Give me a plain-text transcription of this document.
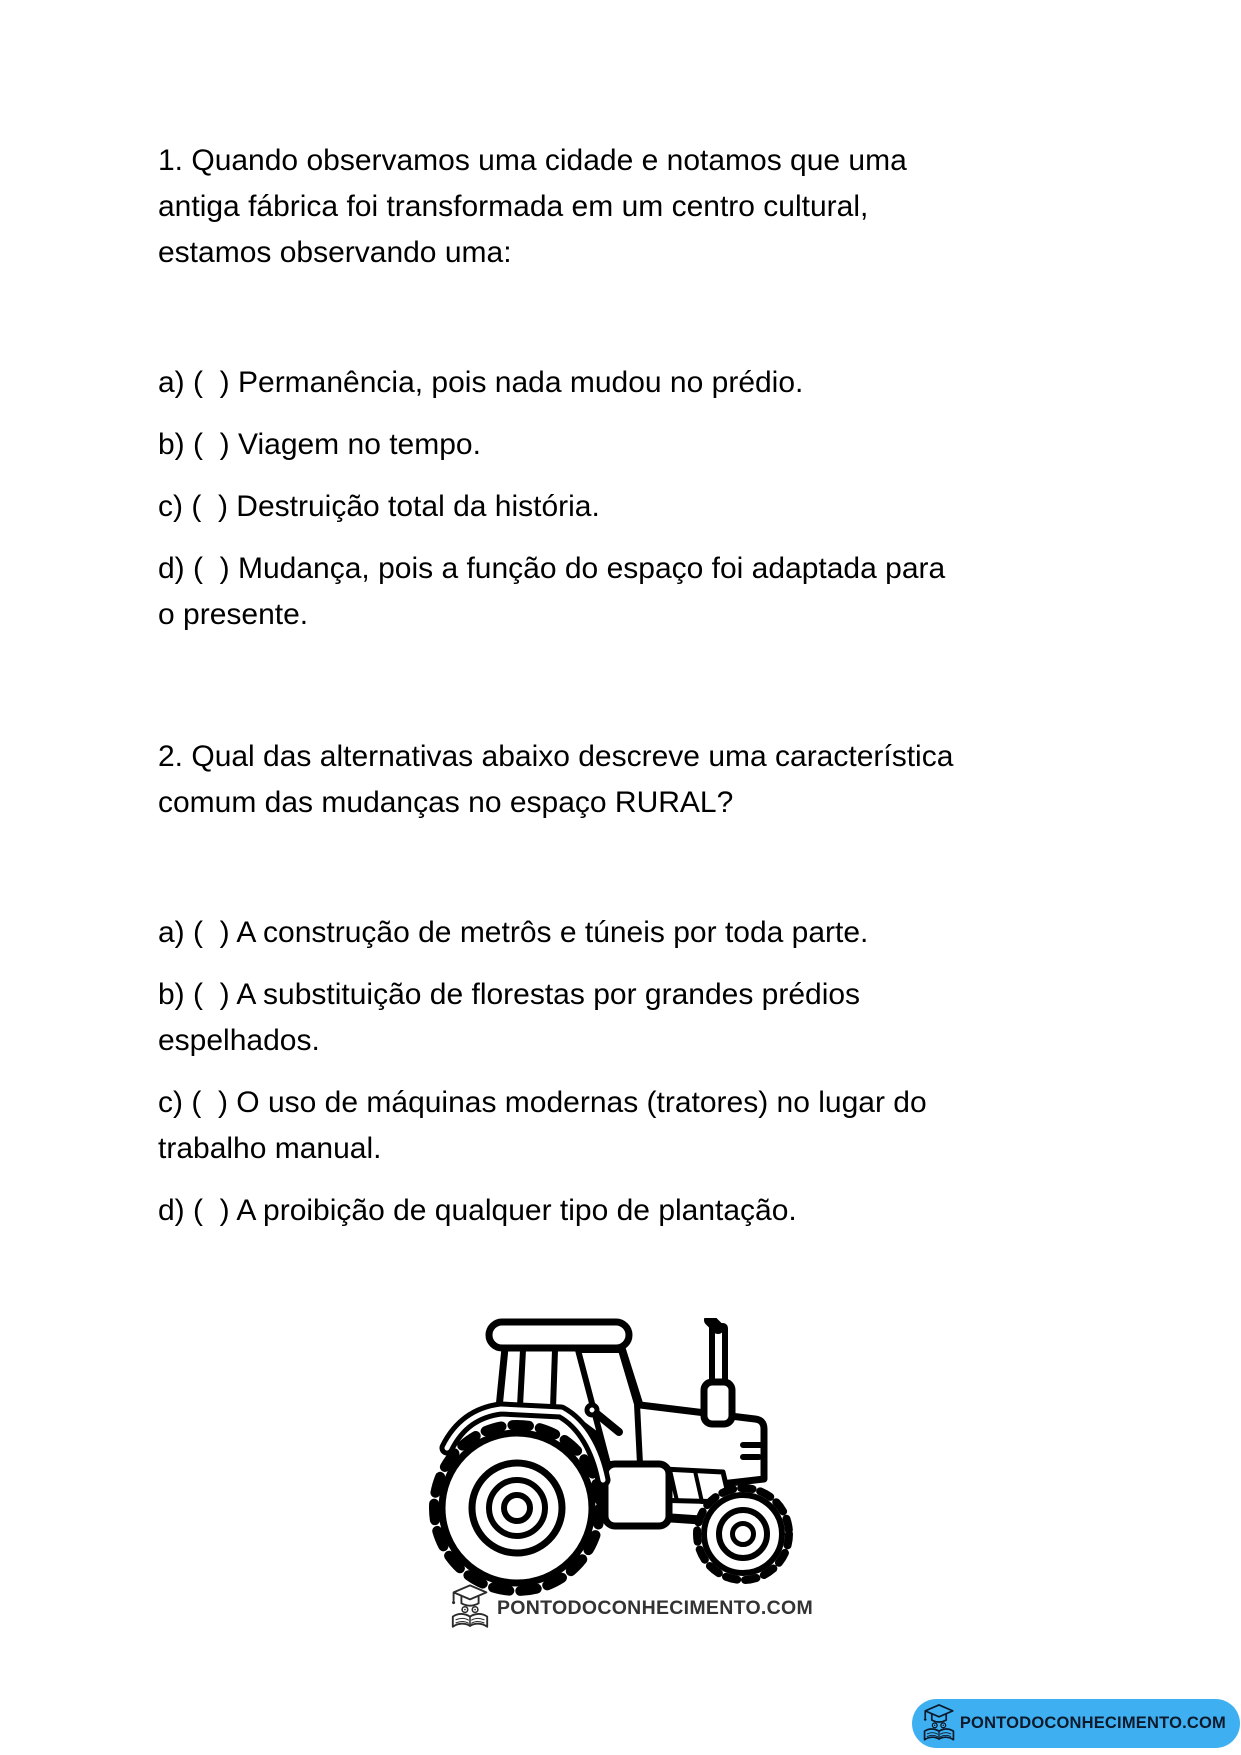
1. Quando observamos uma cidade e notamos que uma
antiga fábrica foi transformada em um centro cultural,
estamos observando uma:

a) (  ) Permanência, pois nada mudou no prédio.

b) (  ) Viagem no tempo.

c) (  ) Destruição total da história.

d) (  ) Mudança, pois a função do espaço foi adaptada para
o presente.

2. Qual das alternativas abaixo descreve uma característica
comum das mudanças no espaço RURAL?

a) (  ) A construção de metrôs e túneis por toda parte.

b) (  ) A substituição de florestas por grandes prédios
espelhados.

c) (  ) O uso de máquinas modernas (tratores) no lugar do
trabalho manual.

d) (  ) A proibição de qualquer tipo de plantação.

PONTODOCONHECIMENTO.COM
PONTODOCONHECIMENTO.COM
